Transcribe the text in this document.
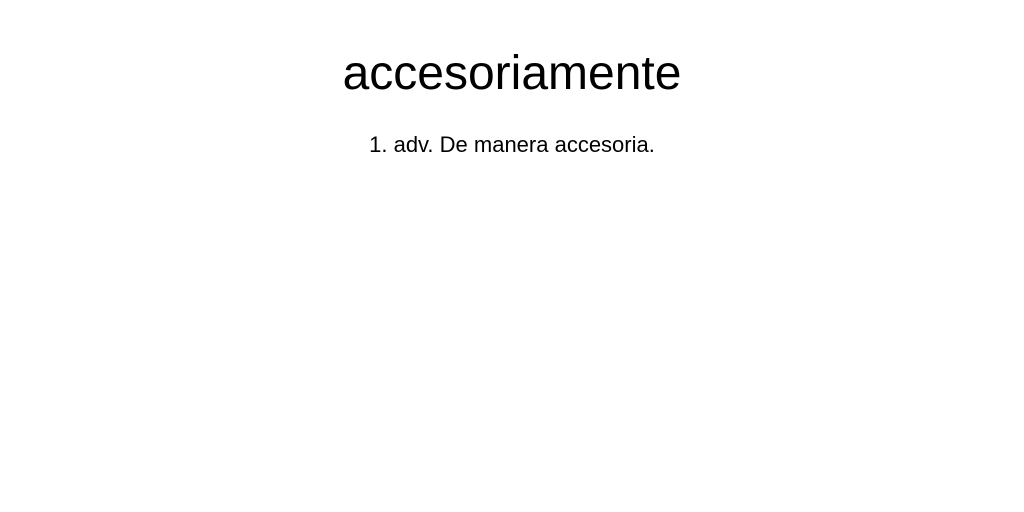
accesoriamente
1. adv. De manera accesoria.
